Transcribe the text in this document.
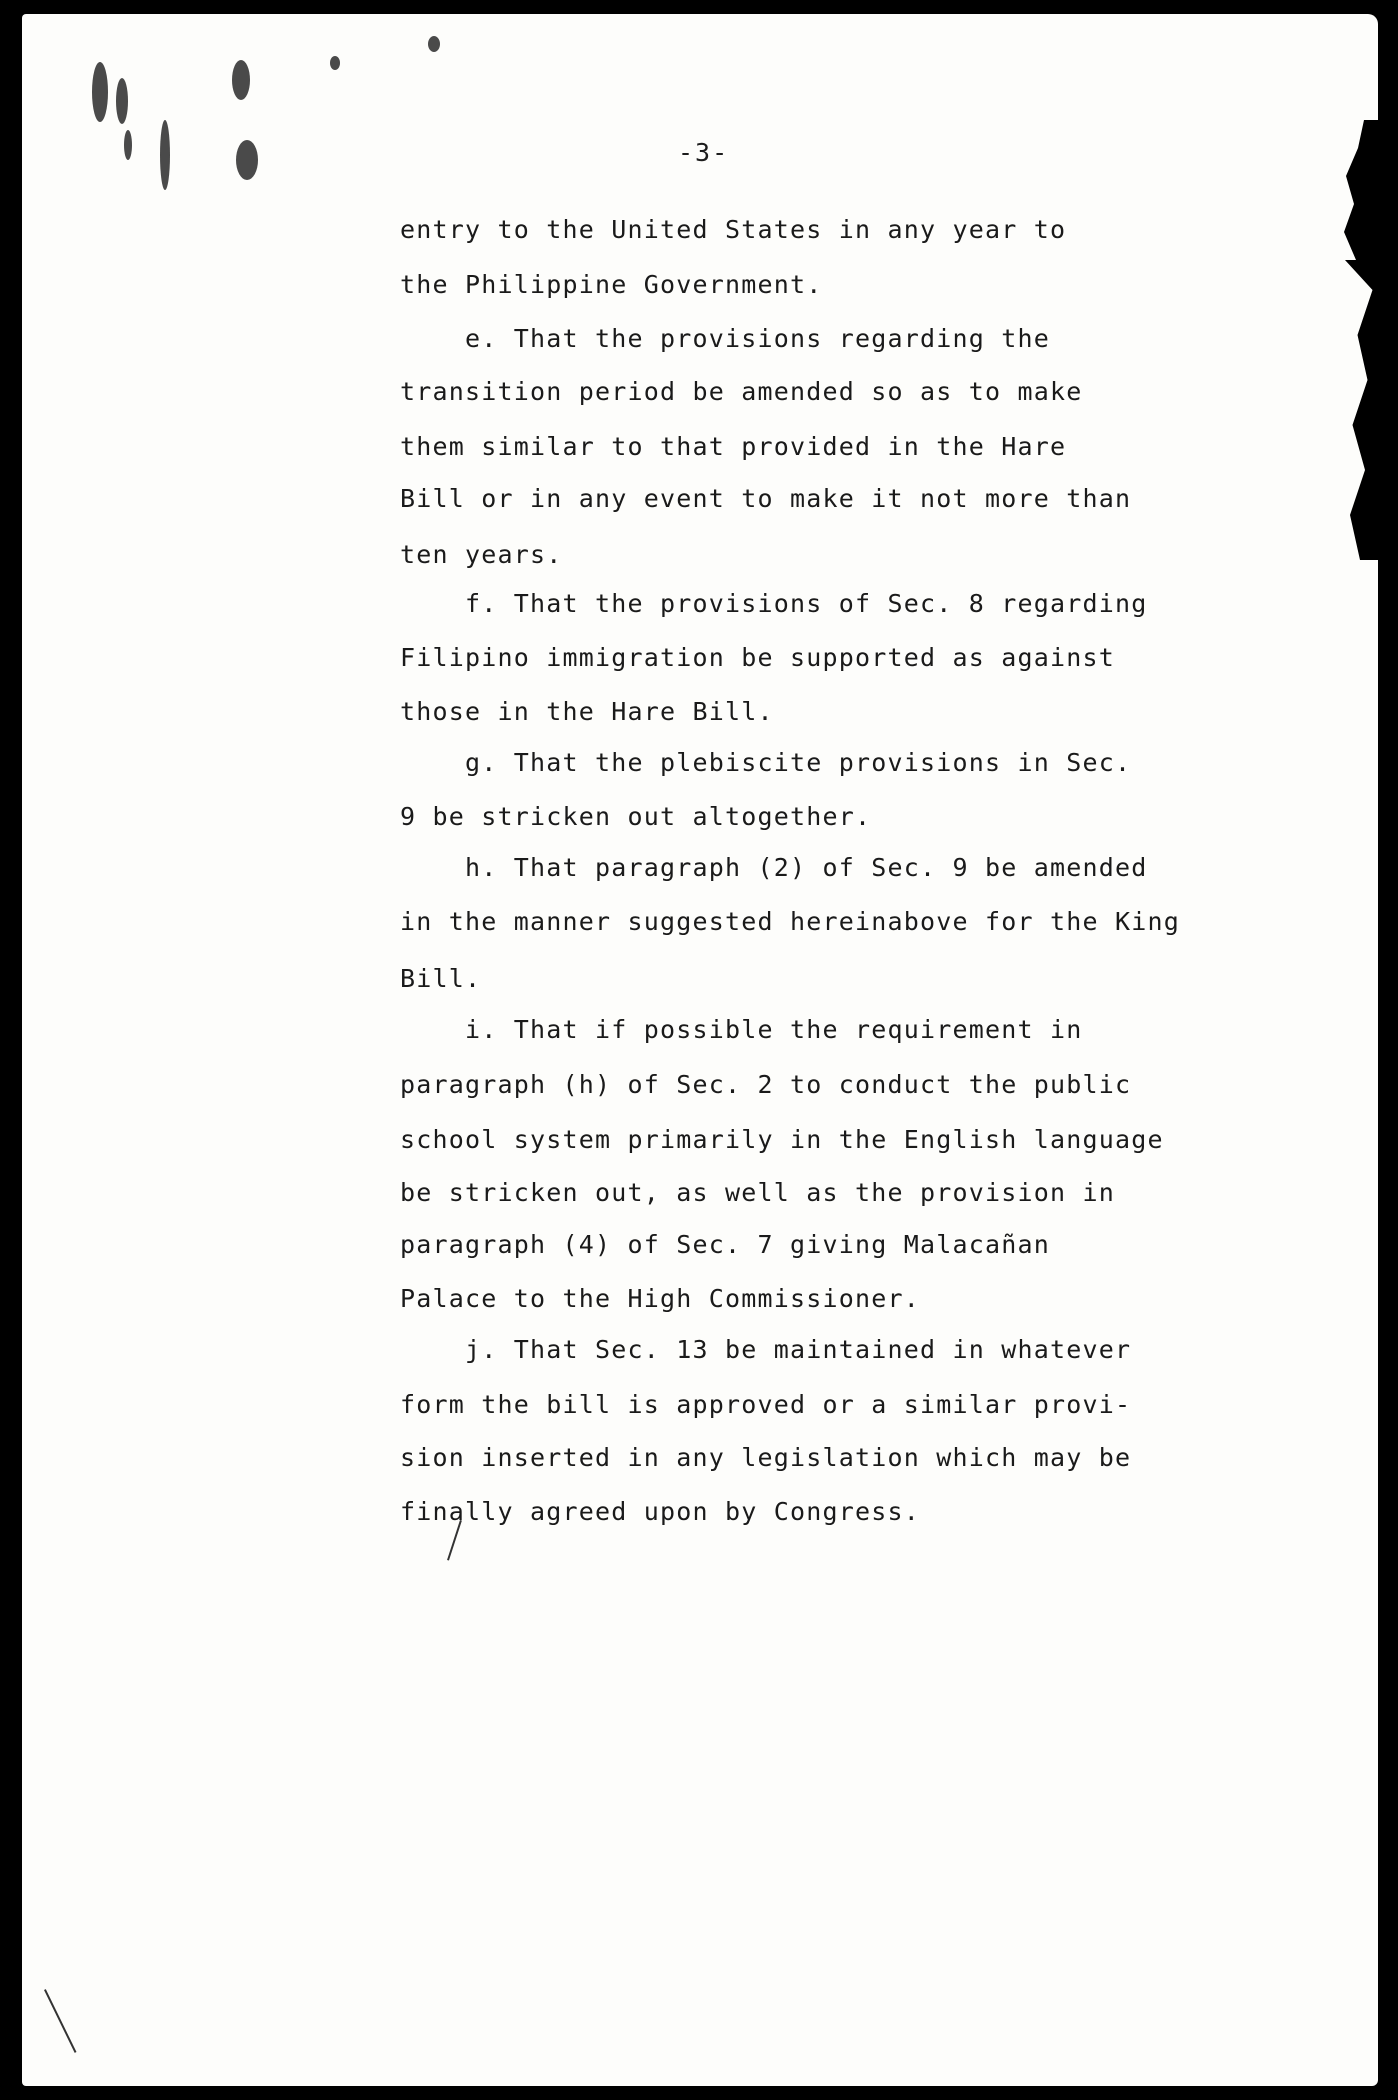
-3-
entry to the United States in any year to
the Philippine Government.
e. That the provisions regarding the
transition period be amended so as to make
them similar to that provided in the Hare
Bill or in any event to make it not more than
ten years.
f. That the provisions of Sec. 8 regarding
Filipino immigration be supported as against
those in the Hare Bill.
g. That the plebiscite provisions in Sec.
9 be stricken out altogether.
h. That paragraph (2) of Sec. 9 be amended
in the manner suggested hereinabove for the King
Bill.
i. That if possible the requirement in
paragraph (h) of Sec. 2 to conduct the public
school system primarily in the English language
be stricken out, as well as the provision in
paragraph (4) of Sec. 7 giving Malacañan
Palace to the High Commissioner.
j. That Sec. 13 be maintained in whatever
form the bill is approved or a similar provi-
sion inserted in any legislation which may be
finally agreed upon by Congress.
